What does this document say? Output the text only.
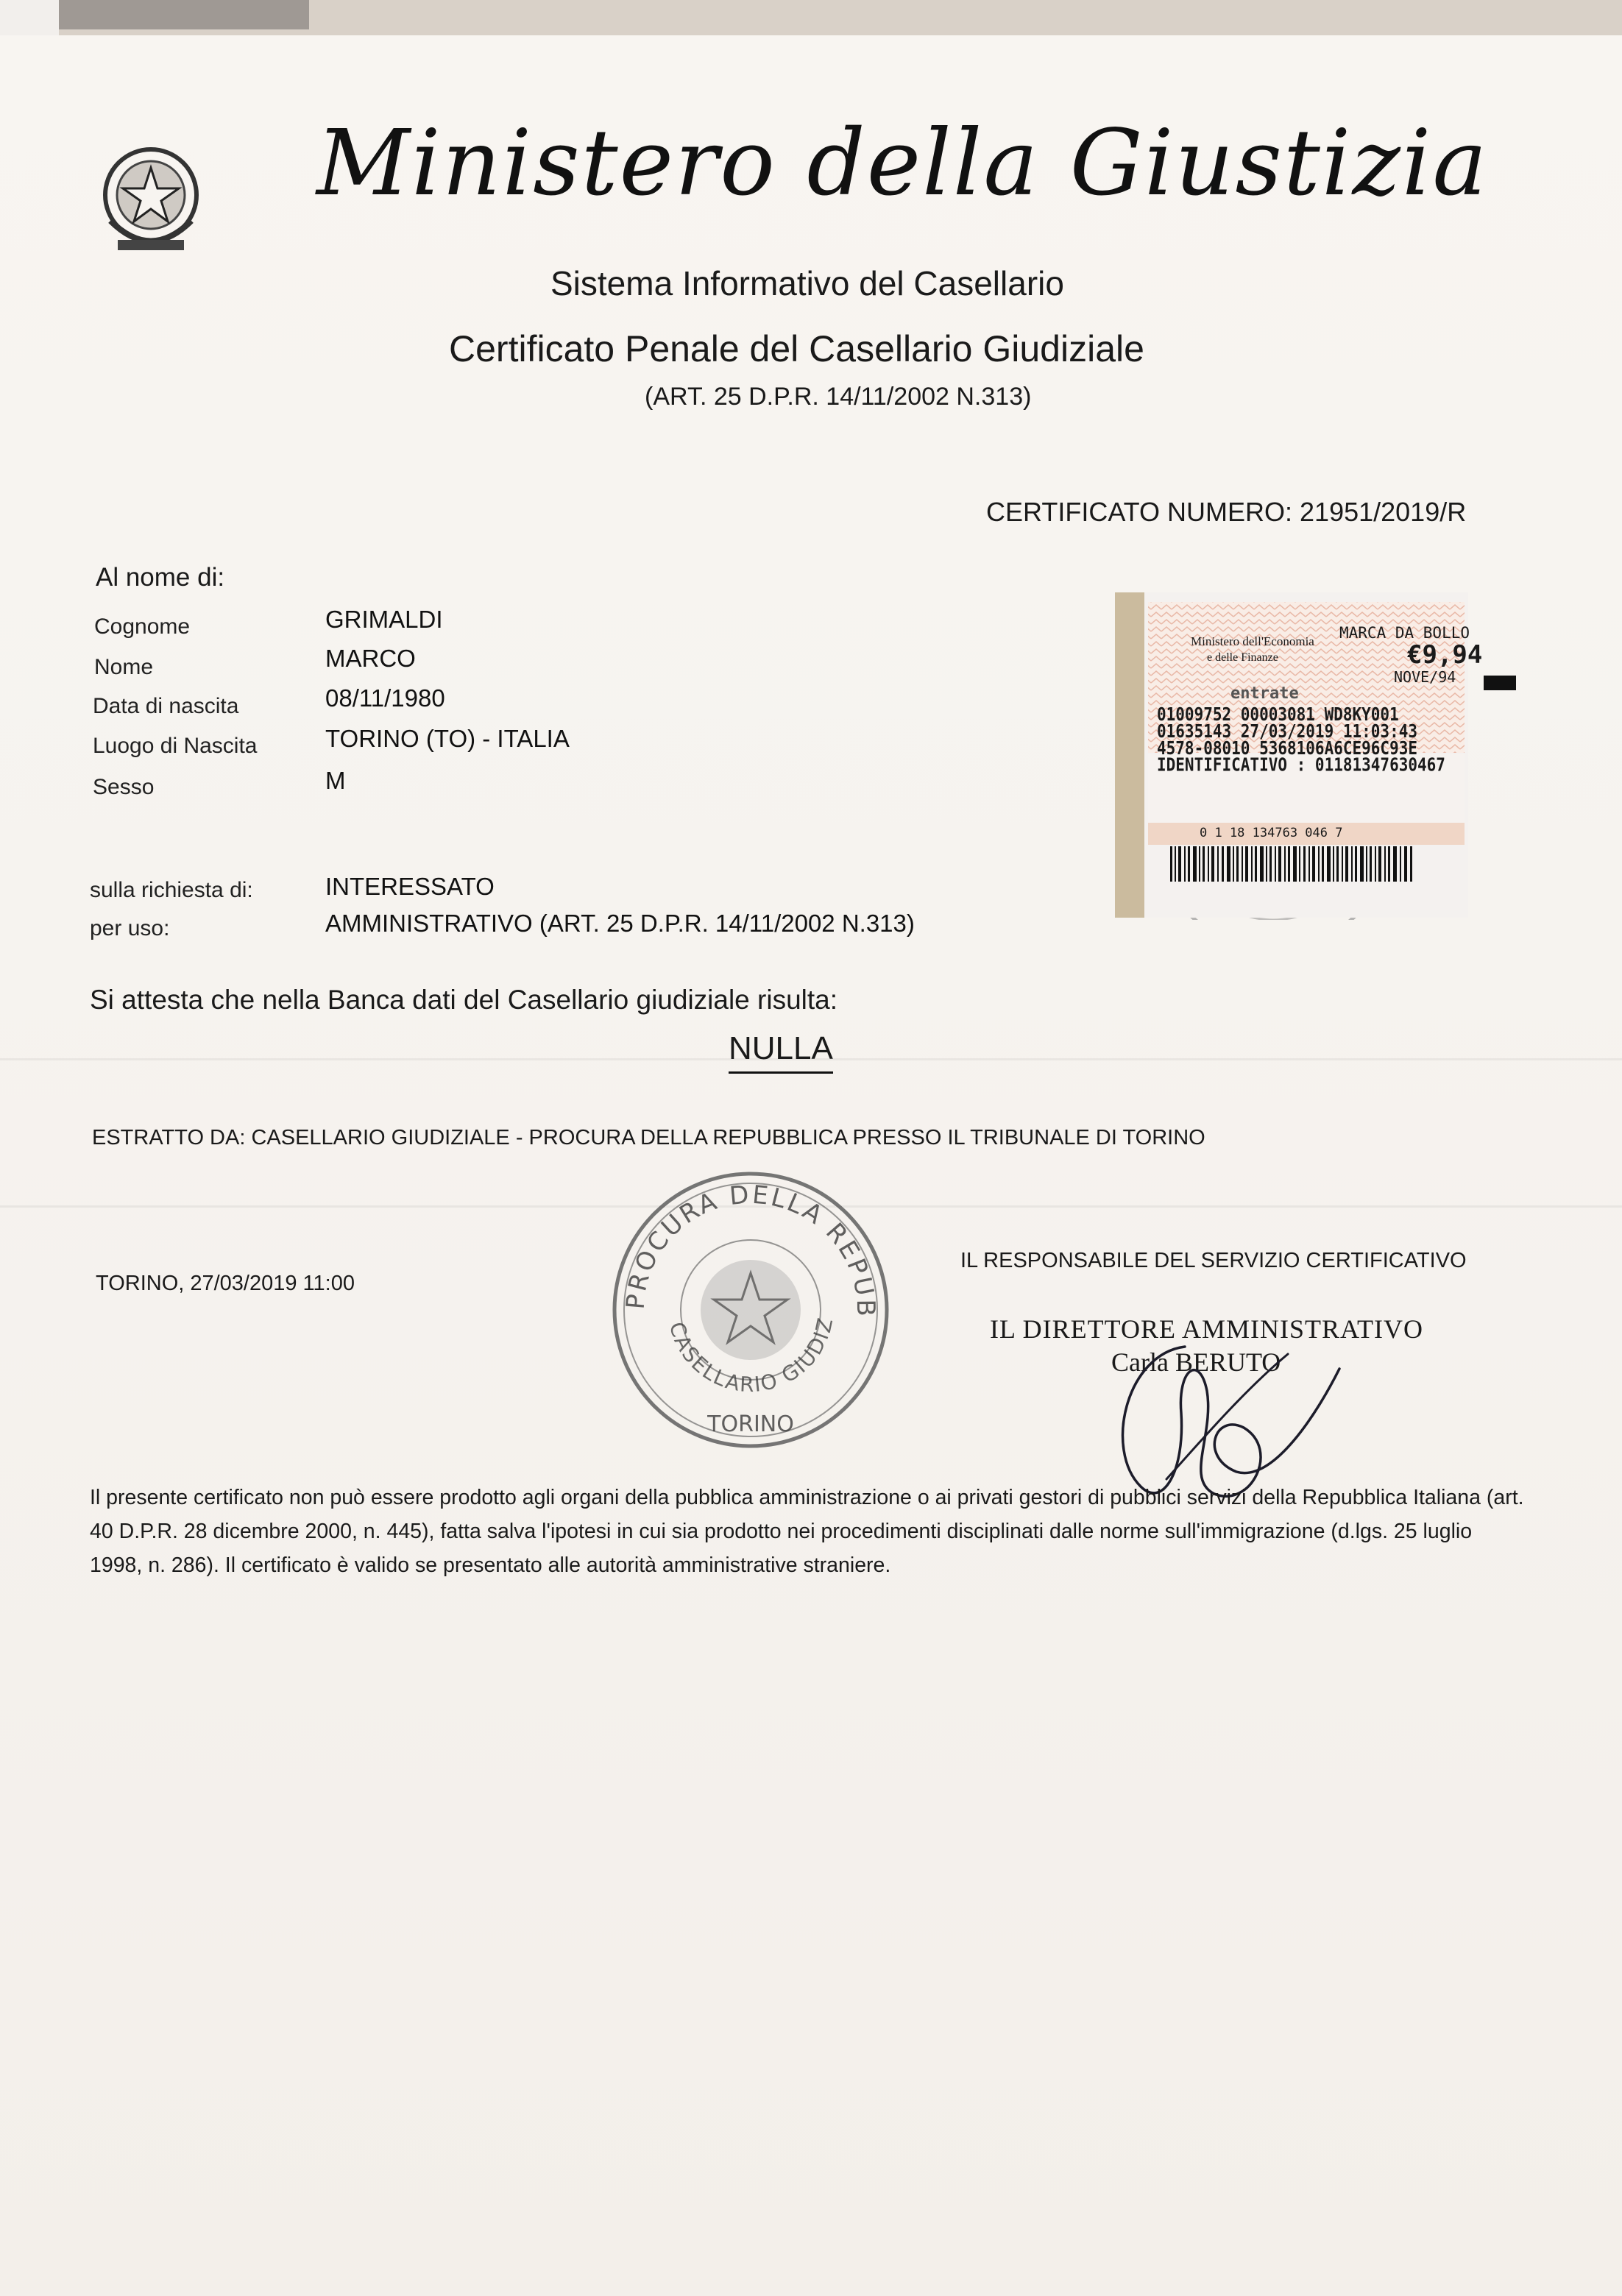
Ministero della Giustizia
Sistema Informativo del Casellario
Certificato Penale del Casellario Giudiziale
(ART. 25 D.P.R. 14/11/2002 N.313)
CERTIFICATO NUMERO: 21951/2019/R
Al nome di:
Cognome	GRIMALDI
Nome	MARCO
Data di nascita	08/11/1980
Luogo di Nascita	TORINO (TO) - ITALIA
Sesso	M
sulla richiesta di:	INTERESSATO
per uso:	AMMINISTRATIVO (ART. 25 D.P.R. 14/11/2002 N.313)
Ministero dell'Economia
e delle Finanze
MARCA DA BOLLO
€9,94
NOVE/94
entrate
01009752 00003081 WD8KY001
01635143 27/03/2019 11:03:43
4578-08010 5368106A6CE96C93E
IDENTIFICATIVO : 01181347630467
0 1 18 134763 046 7
Si attesta che nella Banca dati del Casellario giudiziale risulta:
NULLA
ESTRATTO DA: CASELLARIO GIUDIZIALE - PROCURA DELLA REPUBBLICA PRESSO IL TRIBUNALE DI TORINO
TORINO, 27/03/2019 11:00
PROCURA DELLA REPUB
CASELLARIO GIUDIZ
TORINO
IL RESPONSABILE DEL SERVIZIO CERTIFICATIVO
IL DIRETTORE AMMINISTRATIVO
Carla BERUTO
Il presente certificato non può essere prodotto agli organi della pubblica amministrazione o ai privati gestori di pubblici servizi della Repubblica Italiana (art. 40 D.P.R. 28 dicembre 2000, n. 445), fatta salva l'ipotesi in cui sia prodotto nei procedimenti disciplinati dalle norme sull'immigrazione (d.lgs. 25 luglio 1998, n. 286). Il certificato è valido se presentato alle autorità amministrative straniere.
